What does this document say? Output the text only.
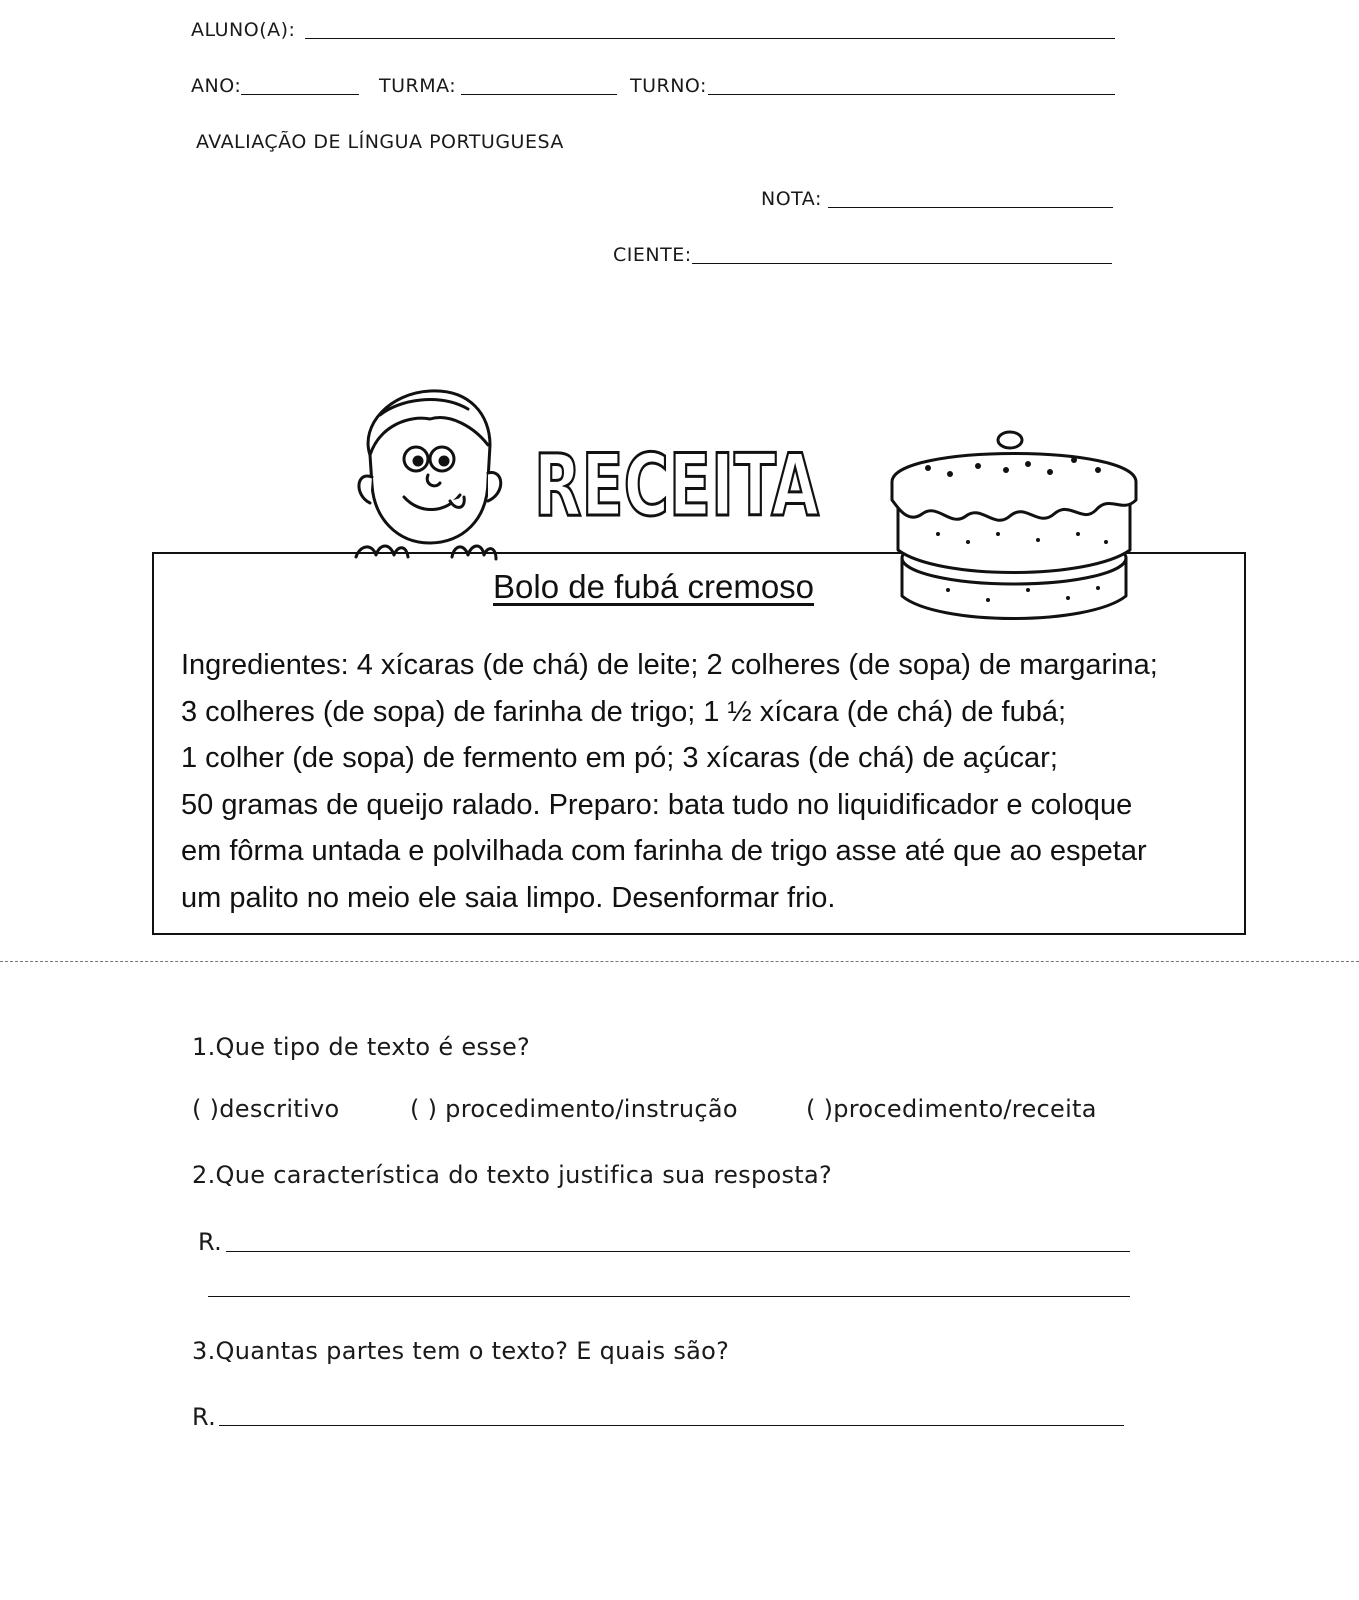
ALUNO(A):
ANO:	TURMA:	TURNO:
AVALIAÇÃO DE LÍNGUA PORTUGUESA
NOTA:
CIENTE:
RECEITA
Bolo de fubá cremoso
Ingredientes: 4 xícaras (de chá) de leite; 2 colheres (de sopa) de margarina;
3 colheres (de sopa) de farinha de trigo; 1 ½ xícara (de chá) de fubá;
1 colher (de sopa) de fermento em pó; 3 xícaras (de chá) de açúcar;
50 gramas de queijo ralado. Preparo: bata tudo no liquidificador e coloque
em fôrma untada e polvilhada com farinha de trigo asse até que ao espetar
um palito no meio ele saia limpo. Desenformar frio.
1.Que tipo de texto é esse?
( )descritivo	( ) procedimento/instrução	( )procedimento/receita
2.Que característica do texto justifica sua resposta?
R.
3.Quantas partes tem o texto? E quais são?
R.
